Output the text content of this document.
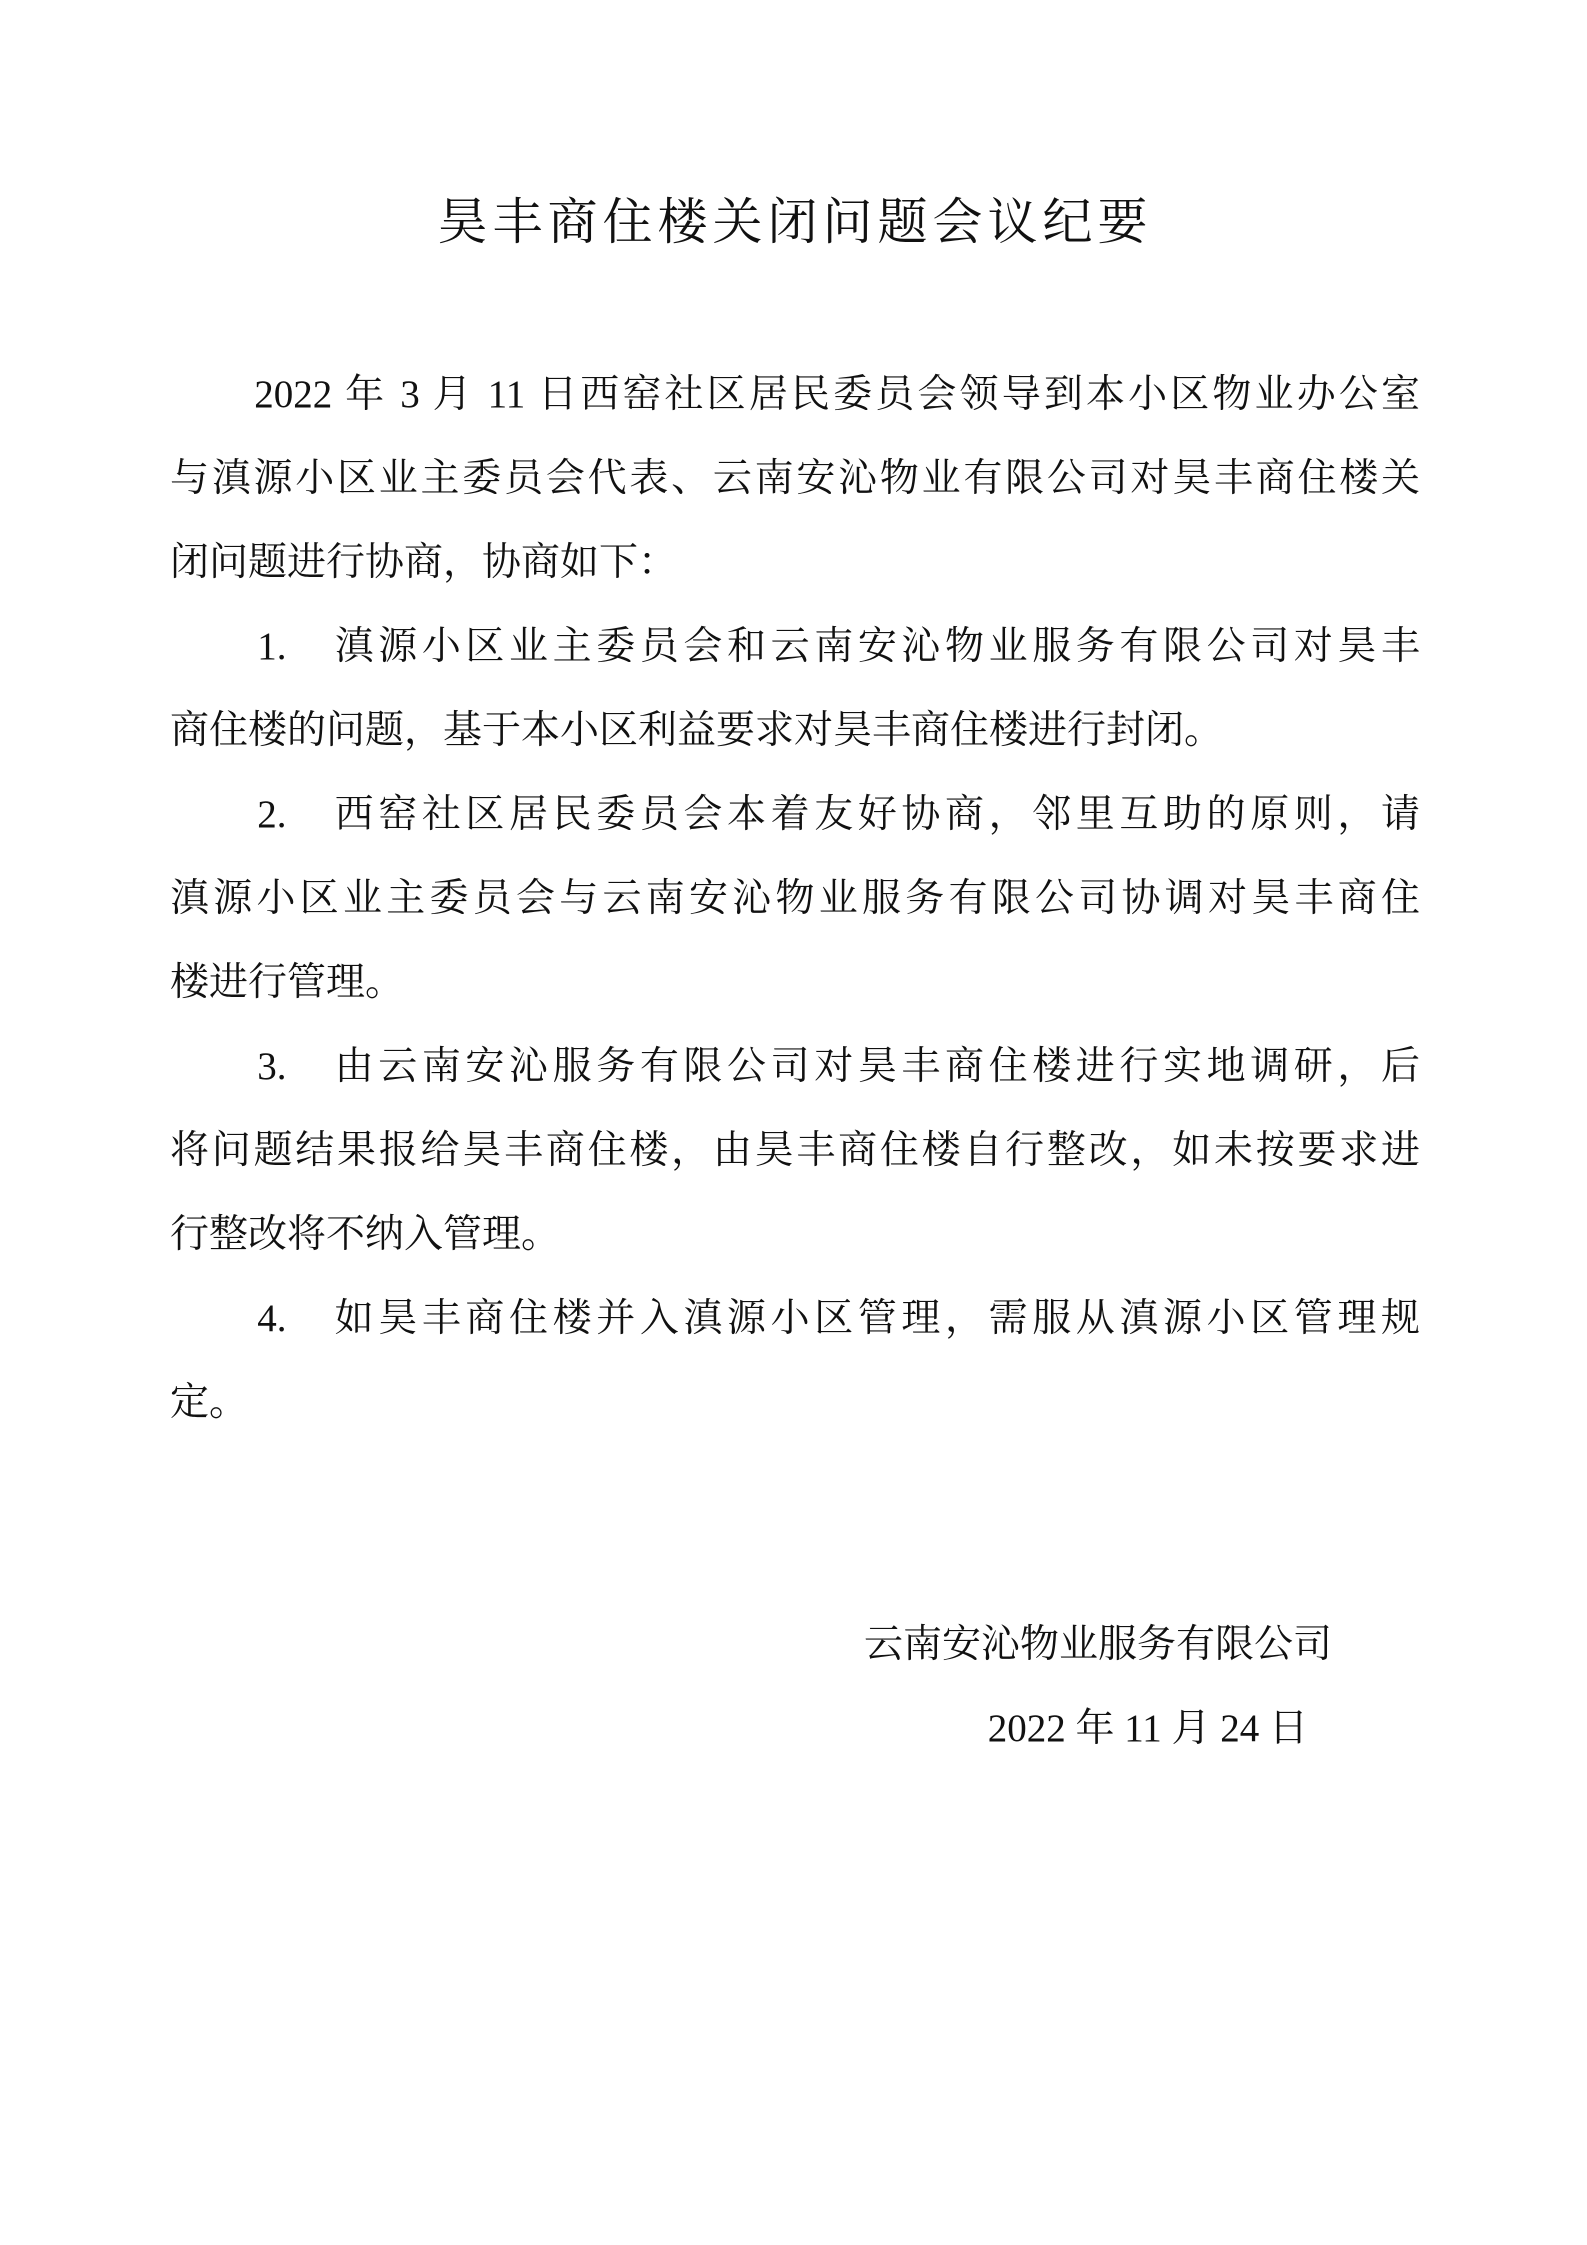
昊丰商住楼关闭问题会议纪要
　　2022 年 3 月 11 日西窑社区居民委员会领导到本小区物业办公室
与滇源小区业主委员会代表、云南安沁物业有限公司对昊丰商住楼关
闭问题进行协商，协商如下：
　　1.　滇源小区业主委员会和云南安沁物业服务有限公司对昊丰
商住楼的问题，基于本小区利益要求对昊丰商住楼进行封闭。
　　2.　西窑社区居民委员会本着友好协商，邻里互助的原则，请
滇源小区业主委员会与云南安沁物业服务有限公司协调对昊丰商住
楼进行管理。
　　3.　由云南安沁服务有限公司对昊丰商住楼进行实地调研，后
将问题结果报给昊丰商住楼，由昊丰商住楼自行整改，如未按要求进
行整改将不纳入管理。
　　4.　如昊丰商住楼并入滇源小区管理，需服从滇源小区管理规
定。
云南安沁物业服务有限公司
2022 年 11 月 24 日
